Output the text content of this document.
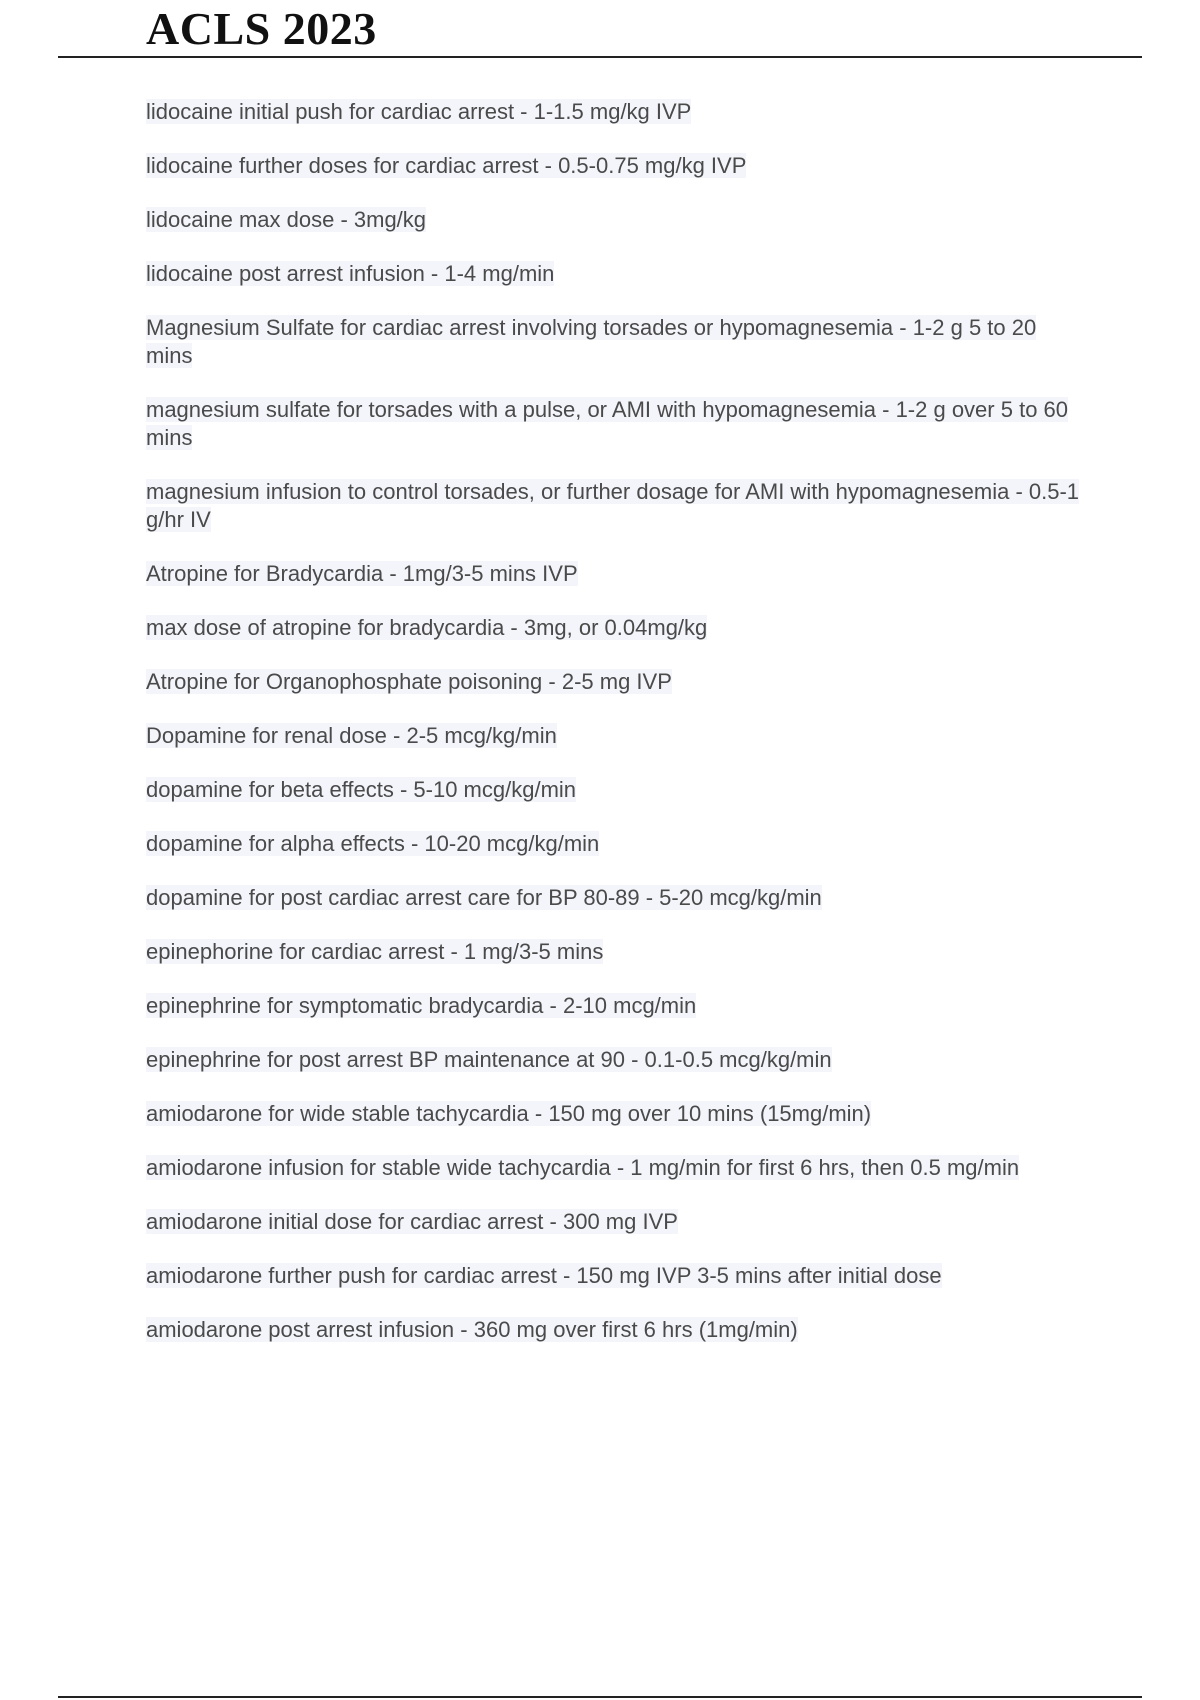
ACLS 2023
lidocaine initial push for cardiac arrest - 1-1.5 mg/kg IVP
lidocaine further doses for cardiac arrest - 0.5-0.75 mg/kg IVP
lidocaine max dose - 3mg/kg
lidocaine post arrest infusion - 1-4 mg/min
Magnesium Sulfate for cardiac arrest involving torsades or hypomagnesemia - 1-2 g 5 to 20 mins
magnesium sulfate for torsades with a pulse, or AMI with hypomagnesemia - 1-2 g over 5 to 60 mins
magnesium infusion to control torsades, or further dosage for AMI with hypomagnesemia - 0.5-1 g/hr IV
Atropine for Bradycardia - 1mg/3-5 mins IVP
max dose of atropine for bradycardia - 3mg, or 0.04mg/kg
Atropine for Organophosphate poisoning - 2-5 mg IVP
Dopamine for renal dose - 2-5 mcg/kg/min
dopamine for beta effects - 5-10 mcg/kg/min
dopamine for alpha effects - 10-20 mcg/kg/min
dopamine for post cardiac arrest care for BP 80-89 - 5-20 mcg/kg/min
epinephorine for cardiac arrest - 1 mg/3-5 mins
epinephrine for symptomatic bradycardia - 2-10 mcg/min
epinephrine for post arrest BP maintenance at 90 - 0.1-0.5 mcg/kg/min
amiodarone for wide stable tachycardia - 150 mg over 10 mins (15mg/min)
amiodarone infusion for stable wide tachycardia - 1 mg/min for first 6 hrs, then 0.5 mg/min
amiodarone initial dose for cardiac arrest - 300 mg IVP
amiodarone further push for cardiac arrest - 150 mg IVP 3-5 mins after initial dose
amiodarone post arrest infusion - 360 mg over first 6 hrs (1mg/min)
